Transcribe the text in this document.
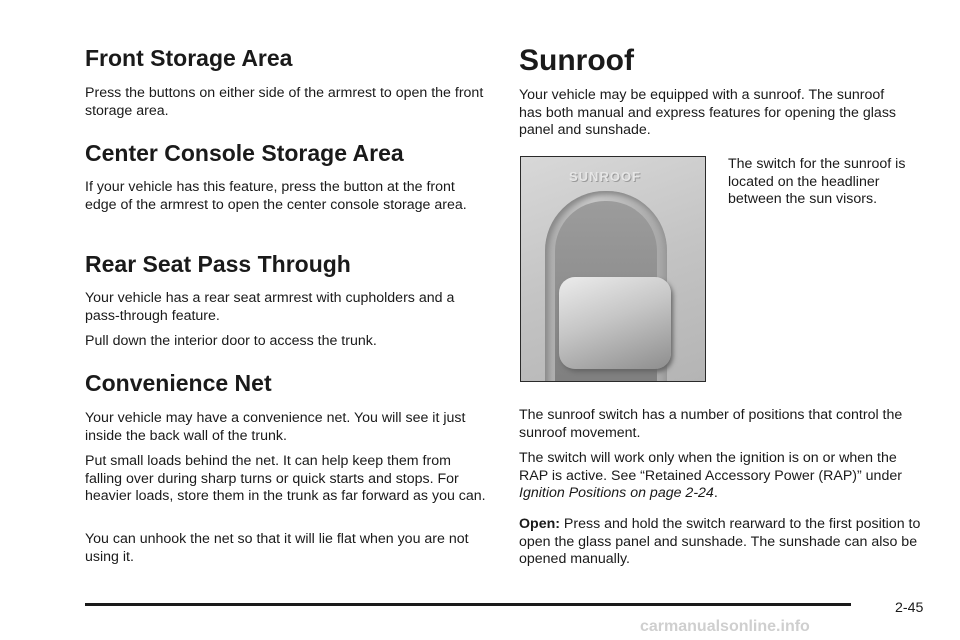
Front Storage Area

Press the buttons on either side of the armrest to open the front storage area.

Center Console Storage Area

If your vehicle has this feature, press the button at the front edge of the armrest to open the center console storage area.

Rear Seat Pass Through

Your vehicle has a rear seat armrest with cupholders and a pass-through feature.

Pull down the interior door to access the trunk.

Convenience Net

Your vehicle may have a convenience net. You will see it just inside the back wall of the trunk.

Put small loads behind the net. It can help keep them from falling over during sharp turns or quick starts and stops. For heavier loads, store them in the trunk as far forward as you can.

You can unhook the net so that it will lie flat when you are not using it.

Sunroof

Your vehicle may be equipped with a sunroof. The sunroof has both manual and express features for opening the glass panel and sunshade.

SUNROOF

The switch for the sunroof is located on the headliner between the sun visors.

The sunroof switch has a number of positions that control the sunroof movement.

The switch will work only when the ignition is on or when the RAP is active. See “Retained Accessory Power (RAP)” under Ignition Positions on page 2-24.

Open: Press and hold the switch rearward to the first position to open the glass panel and sunshade. The sunshade can also be opened manually.

2-45
carmanualsonline.info
